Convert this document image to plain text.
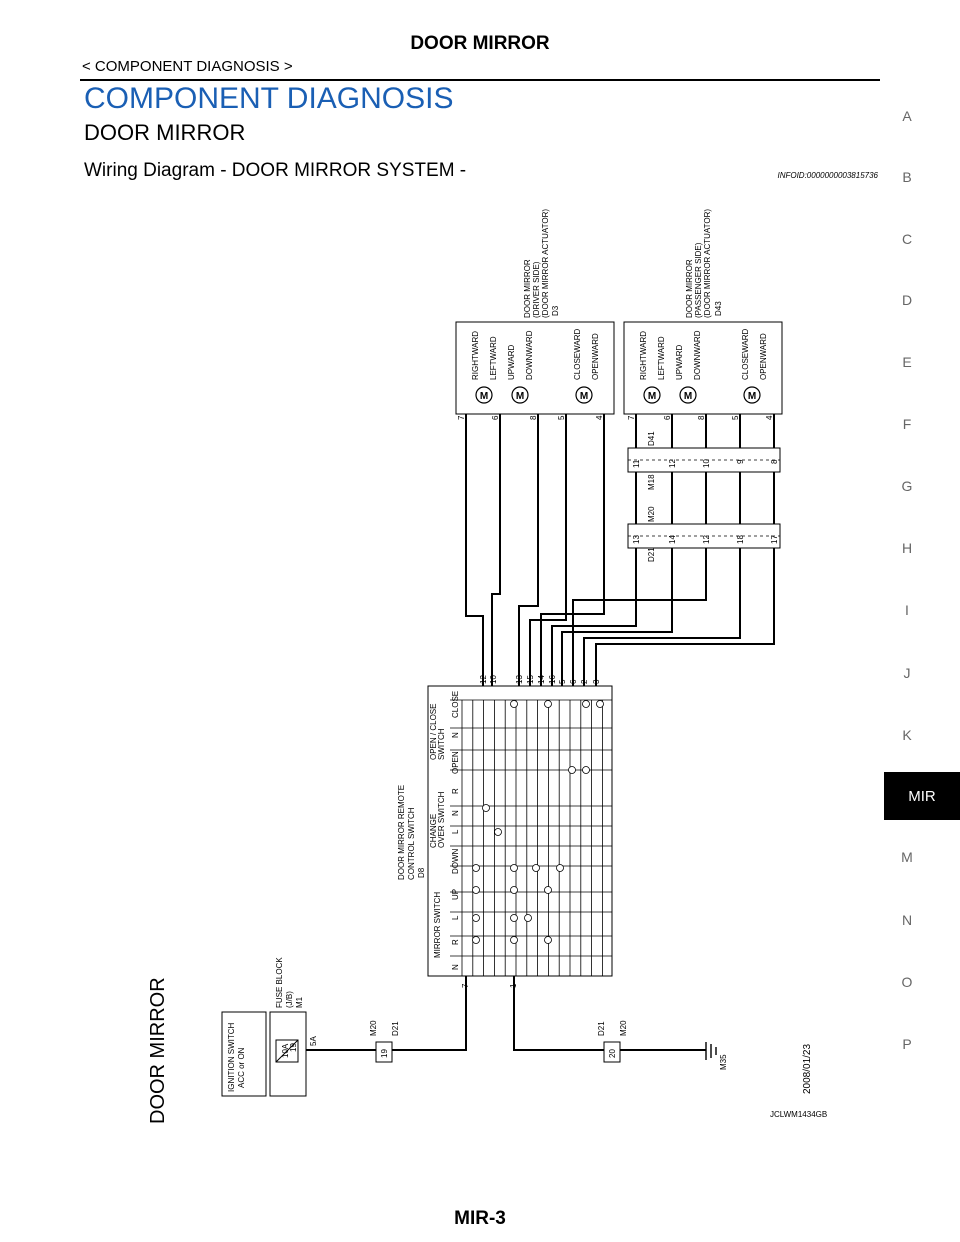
DOOR MIRROR
< COMPONENT DIAGNOSIS >
COMPONENT DIAGNOSIS
DOOR MIRROR
Wiring Diagram - DOOR MIRROR SYSTEM -	INFOID:0000000003815736
A
B
C
D
E
F
G
H
I
J
K
MIR
M
N
O
P
M	M	M	M	M	M
DOOR MIRROR	2008/01/23
JCLWM1434GB
IGNITION SWITCH ACC or ON
FUSE BLOCK (J/B) M1
10A 19
5A
M20 D21
19
D21 M20
20
M35
DOOR MIRROR REMOTE CONTROL SWITCH D8
MIRROR SWITCH
CHANGE OVER SWITCH
OPEN / CLOSE SWITCH
N
R
L
UP
DOWN
L
N
R
OPEN
N
CLOSE
12 10 13 15 14 16 5 6 2 3
7	1
DOOR MIRROR (DRIVER SIDE) (DOOR MIRROR ACTUATOR) D3
RIGHTWARD LEFTWARD UPWARD DOWNWARD	CLOSEWARD OPENWARD
7	6	8 5	4
DOOR MIRROR (PASSENGER SIDE) (DOOR MIRROR ACTUATOR) D43
RIGHTWARD LEFTWARD UPWARD DOWNWARD	CLOSEWARD OPENWARD
7	6	8	5	4
D41
M18
11	12	10	9	8
M20
D21
13	14	12	18	17
MIR-3
